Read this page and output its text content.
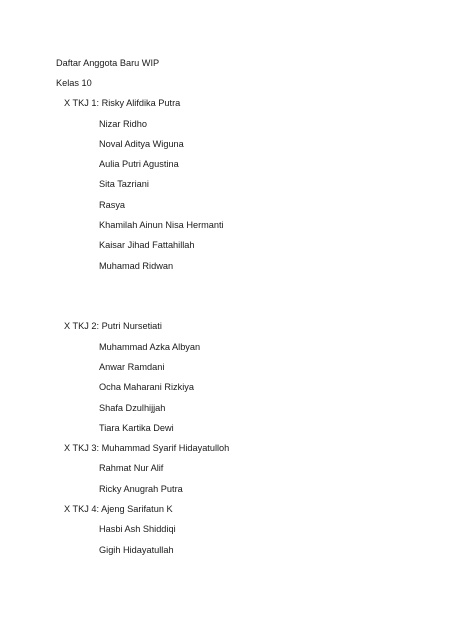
Daftar Anggota Baru WIP
Kelas 10
X TKJ 1: Risky Alifdika Putra
Nizar Ridho
Noval Aditya Wiguna
Aulia Putri Agustina
Sita Tazriani
Rasya
Khamilah Ainun Nisa Hermanti
Kaisar Jihad Fattahillah
Muhamad Ridwan
X TKJ 2: Putri Nursetiati
Muhammad Azka Albyan
Anwar Ramdani
Ocha Maharani Rizkiya
Shafa Dzulhijjah
Tiara Kartika Dewi
X TKJ 3: Muhammad Syarif Hidayatulloh
Rahmat Nur Alif
Ricky Anugrah Putra
X TKJ 4: Ajeng Sarifatun K
Hasbi Ash Shiddiqi
Gigih Hidayatullah
